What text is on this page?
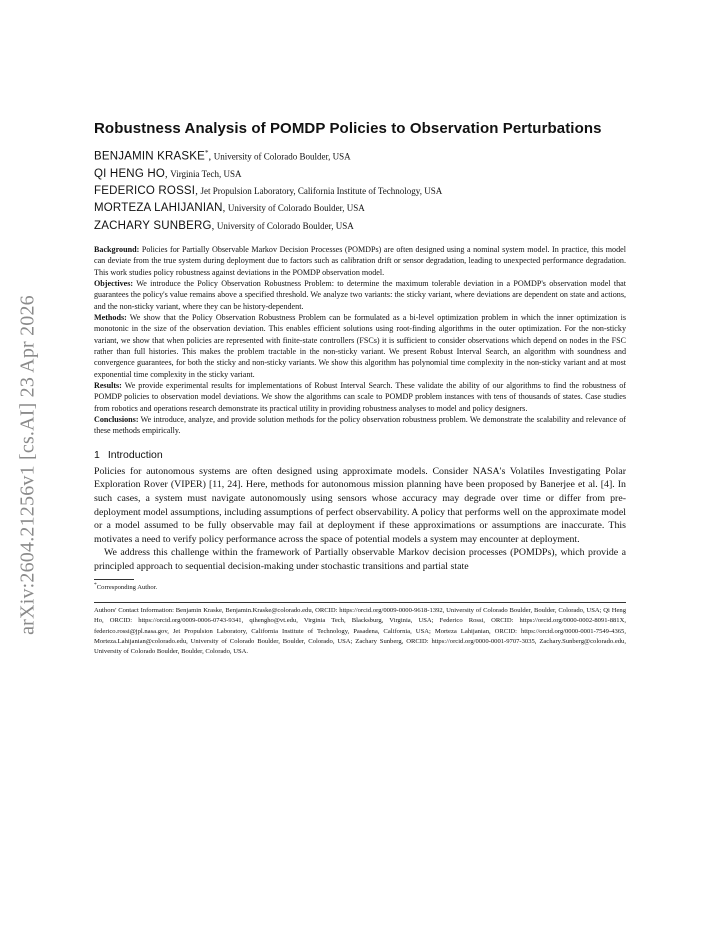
arXiv:2604.21256v1 [cs.AI] 23 Apr 2026
Robustness Analysis of POMDP Policies to Observation Perturbations

BENJAMIN KRASKE*, University of Colorado Boulder, USA

QI HENG HO, Virginia Tech, USA

FEDERICO ROSSI, Jet Propulsion Laboratory, California Institute of Technology, USA

MORTEZA LAHIJANIAN, University of Colorado Boulder, USA

ZACHARY SUNBERG, University of Colorado Boulder, USA

Background: Policies for Partially Observable Markov Decision Processes (POMDPs) are often designed using a nominal system model. In practice, this model can deviate from the true system during deployment due to factors such as calibration drift or sensor degradation, leading to unexpected performance degradation. This work studies policy robustness against deviations in the POMDP observation model.

Objectives: We introduce the Policy Observation Robustness Problem: to determine the maximum tolerable deviation in a POMDP's observation model that guarantees the policy's value remains above a specified threshold. We analyze two variants: the sticky variant, where deviations are dependent on state and actions, and the non-sticky variant, where they can be history-dependent.

Methods: We show that the Policy Observation Robustness Problem can be formulated as a bi-level optimization problem in which the inner optimization is monotonic in the size of the observation deviation. This enables efficient solutions using root-finding algorithms in the outer optimization. For the non-sticky variant, we show that when policies are represented with finite-state controllers (FSCs) it is sufficient to consider observations which depend on nodes in the FSC rather than full histories. This makes the problem tractable in the non-sticky variant. We present Robust Interval Search, an algorithm with soundness and convergence guarantees, for both the sticky and non-sticky variants. We show this algorithm has polynomial time complexity in the non-sticky variant and at most exponential time complexity in the sticky variant.

Results: We provide experimental results for implementations of Robust Interval Search. These validate the ability of our algorithms to find the robustness of POMDP policies to observation model deviations. We show the algorithms can scale to POMDP problem instances with tens of thousands of states. Case studies from robotics and operations research demonstrate its practical utility in providing robustness analyses to model and policy designers.

Conclusions: We introduce, analyze, and provide solution methods for the policy observation robustness problem. We demonstrate the scalability and relevance of these methods empirically.

1 Introduction

Policies for autonomous systems are often designed using approximate models. Consider NASA's Volatiles Investigating Polar Exploration Rover (VIPER) [11, 24]. Here, methods for autonomous mission planning have been proposed by Banerjee et al. [4]. In such cases, a system must navigate autonomously using sensors whose accuracy may degrade over time or differ from pre-deployment model assumptions, including assumptions of perfect observability. A policy that performs well on the approximate model or a model assumed to be fully observable may fail at deployment if these approximations or assumptions are inaccurate. This motivates a need to verify policy performance across the space of potential models a system may encounter at deployment.

We address this challenge within the framework of Partially observable Markov decision processes (POMDPs), which provide a principled approach to sequential decision-making under stochastic transitions and partial state

*Corresponding Author.
Authors' Contact Information: Benjamin Kraske, Benjamin.Kraske@colorado.edu, ORCID: https://orcid.org/0009-0000-9618-1392, University of Colorado Boulder, Boulder, Colorado, USA; Qi Heng Ho, ORCID: https://orcid.org/0009-0006-0743-9341, qihengho@vt.edu, Virginia Tech, Blacksburg, Virginia, USA; Federico Rossi, ORCID: https://orcid.org/0000-0002-8091-881X, federico.rossi@jpl.nasa.gov, Jet Propulsion Laboratory, California Institute of Technology, Pasadena, California, USA; Morteza Lahijanian, ORCID: https://orcid.org/0000-0001-7549-4365, Morteza.Lahijanian@colorado.edu, University of Colorado Boulder, Boulder, Colorado, USA; Zachary Sunberg, ORCID: https://orcid.org/0000-0001-9707-3035, Zachary.Sunberg@colorado.edu, University of Colorado Boulder, Boulder, Colorado, USA.
